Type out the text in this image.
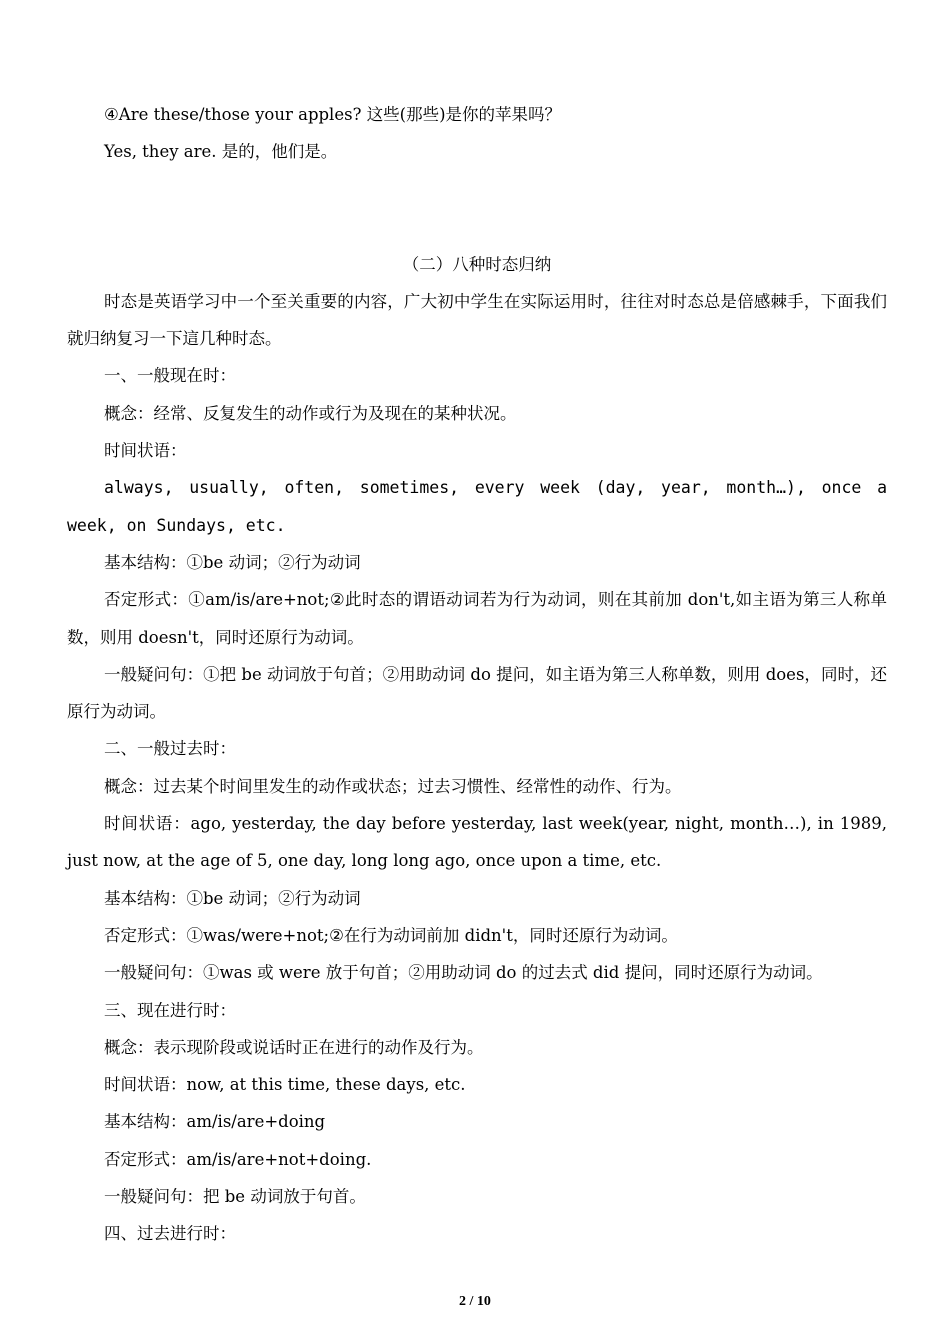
④Are these/those your apples? 这些(那些)是你的苹果吗？

Yes, they are. 是的，他们是。

（二）八种时态归纳

时态是英语学习中一个至关重要的内容，广大初中学生在实际运用时，往往对时态总是倍感棘手，下面我们就归纳复习一下這几种时态。

一、一般现在时：

概念：经常、反复发生的动作或行为及现在的某种状况。

时间状语：

always, usually, often, sometimes, every week (day, year, month…), once a week, on Sundays, etc.

基本结构：①be 动词；②行为动词

否定形式：①am/is/are+not;②此时态的谓语动词若为行为动词，则在其前加 don't,如主语为第三人称单数，则用 doesn't，同时还原行为动词。

一般疑问句：①把 be 动词放于句首；②用助动词 do 提问，如主语为第三人称单数，则用 does，同时，还原行为动词。

二、一般过去时：

概念：过去某个时间里发生的动作或状态；过去习惯性、经常性的动作、行为。

时间状语：ago, yesterday, the day before yesterday, last week(year, night, month…), in 1989, just now, at the age of 5, one day, long long ago, once upon a time, etc.

基本结构：①be 动词；②行为动词

否定形式：①was/were+not;②在行为动词前加 didn't，同时还原行为动词。

一般疑问句：①was 或 were 放于句首；②用助动词 do 的过去式 did 提问，同时还原行为动词。

三、现在进行时：

概念：表示现阶段或说话时正在进行的动作及行为。

时间状语：now, at this time, these days, etc.

基本结构：am/is/are+doing

否定形式：am/is/are+not+doing.

一般疑问句：把 be 动词放于句首。

四、过去进行时：

2 / 10
